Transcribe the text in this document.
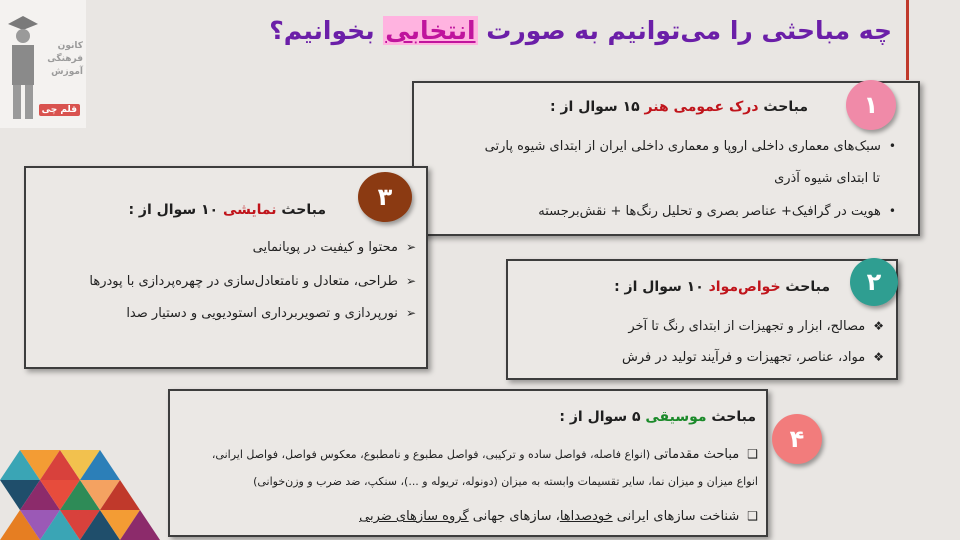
کانون
فرهنگی
آموزش
قلم چی
چه مباحثی را می‌توانیم به صورت انتخابی بخوانیم؟
مباحث درک عمومی هنر ۱۵ سوال از :
•سبک‌های معماری داخلی اروپا و معماری داخلی ایران از ابتدای شیوه پارتی
تا ابتدای شیوه آذری
•هویت در گرافیک+ عناصر بصری و تحلیل رنگ‌ها + نقش‌برجسته
۱
مباحث نمایشی ۱۰ سوال از :
➢محتوا و کیفیت در پویانمایی
➢طراحی، متعادل و نامتعادل‌سازی در چهره‌پردازی با پودرها
➢نورپردازی و تصویربرداری استودیویی و دستیار صدا
۳
مباحث خواص‌مواد ۱۰ سوال از :
❖مصالح، ابزار و تجهیزات از ابتدای رنگ تا آخر
❖مواد، عناصر، تجهیزات و فرآیند تولید در فرش
۲
مباحث موسیقی ۵ سوال از :
❑مباحث مقدماتی (انواع فاصله، فواصل ساده و ترکیبی، فواصل مطبوع و نامطبوع، معکوس فواصل، فواصل ایرانی،
انواع میزان و میزان نما، سایر تقسیمات وابسته به میزان (دونوله، تریوله و ...)، سنکپ، ضد ضرب و وزن‌خوانی)
❑شناخت سازهای ایرانی خودصداها، سازهای جهانی گروه سازهای ضربی
۴
